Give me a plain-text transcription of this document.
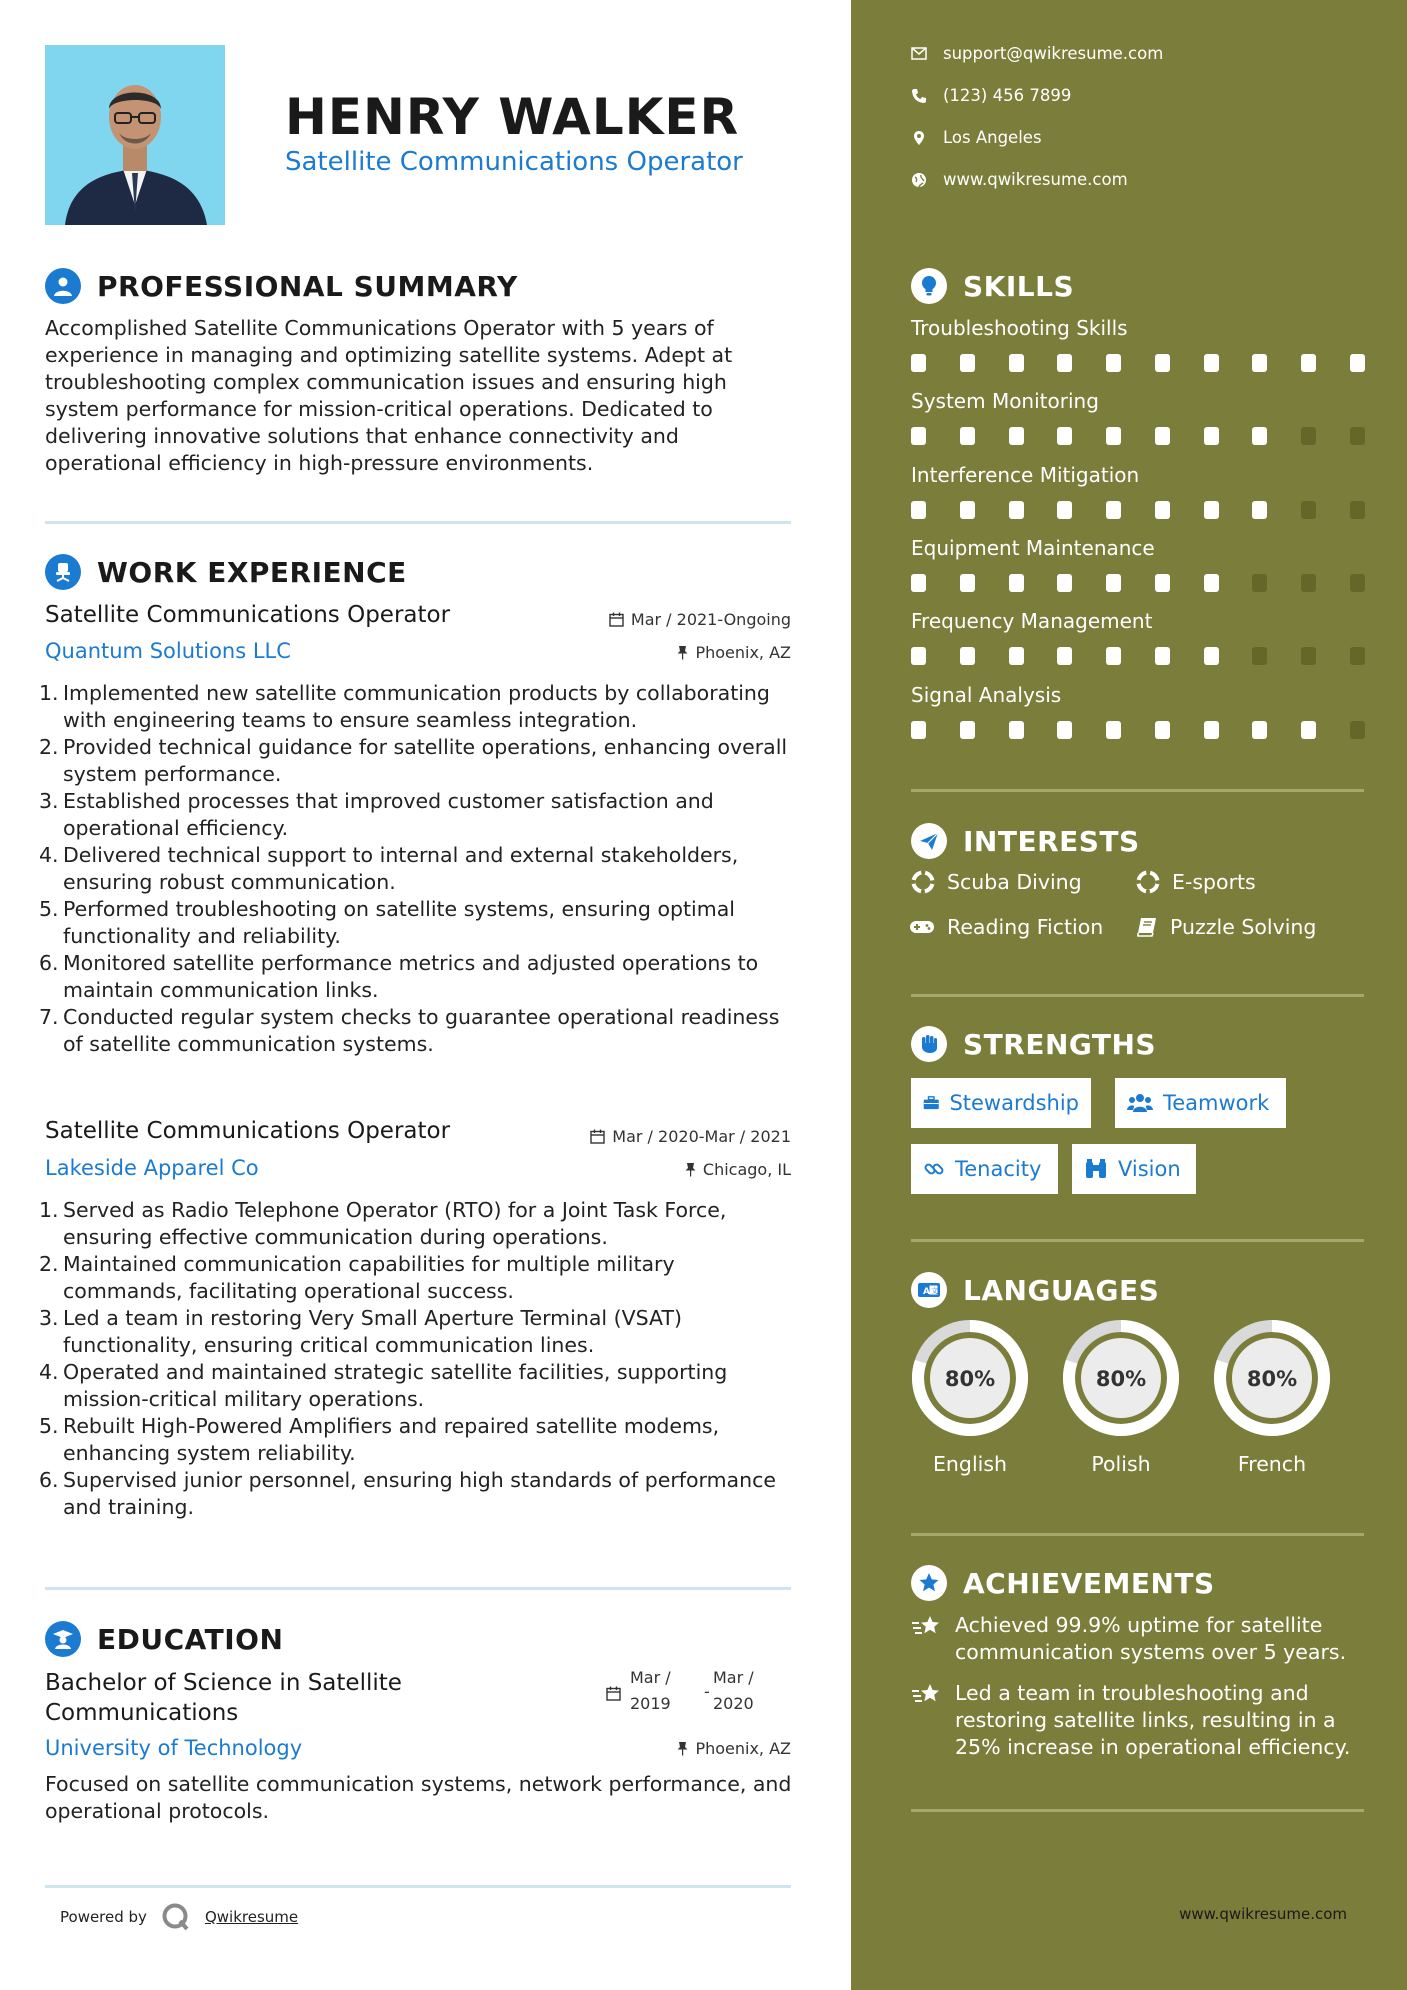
HENRY WALKER
Satellite Communications Operator
PROFESSIONAL SUMMARY
Accomplished Satellite Communications Operator with 5 years of experience in managing and optimizing satellite systems. Adept at troubleshooting complex communication issues and ensuring high system performance for mission-critical operations. Dedicated to delivering innovative solutions that enhance connectivity and operational efficiency in high-pressure environments.
WORK EXPERIENCE
Satellite Communications Operator	Mar / 2021-Ongoing
Quantum Solutions LLC	Phoenix, AZ
Implemented new satellite communication products by collaborating with engineering teams to ensure seamless integration.
Provided technical guidance for satellite operations, enhancing overall system performance.
Established processes that improved customer satisfaction and operational efficiency.
Delivered technical support to internal and external stakeholders, ensuring robust communication.
Performed troubleshooting on satellite systems, ensuring optimal functionality and reliability.
Monitored satellite performance metrics and adjusted operations to maintain communication links.
Conducted regular system checks to guarantee operational readiness of satellite communication systems.
Satellite Communications Operator	Mar / 2020-Mar / 2021
Lakeside Apparel Co	Chicago, IL
Served as Radio Telephone Operator (RTO) for a Joint Task Force, ensuring effective communication during operations.
Maintained communication capabilities for multiple military commands, facilitating operational success.
Led a team in restoring Very Small Aperture Terminal (VSAT) functionality, ensuring critical communication lines.
Operated and maintained strategic satellite facilities, supporting mission-critical military operations.
Rebuilt High-Powered Amplifiers and repaired satellite modems, enhancing system reliability.
Supervised junior personnel, ensuring high standards of performance and training.
EDUCATION
Bachelor of Science in Satellite Communications
Mar /
2019
-
Mar /
2020
University of Technology	Phoenix, AZ
Focused on satellite communication systems, network performance, and operational protocols.
Powered by	Qwikresume
support@qwikresume.com
(123) 456 7899
Los Angeles
www.qwikresume.com
SKILLS
Troubleshooting Skills
System Monitoring
Interference Mitigation
Equipment Maintenance
Frequency Management
Signal Analysis
INTERESTS
Scuba Diving	E-sports
Reading Fiction	Puzzle Solving
STRENGTHS
Stewardship	Teamwork
Tenacity	Vision
A 文 LANGUAGES
80%	80%	80%
English	Polish	French
ACHIEVEMENTS
Achieved 99.9% uptime for satellite communication systems over 5 years.
Led a team in troubleshooting and restoring satellite links, resulting in a 25% increase in operational efficiency.
www.qwikresume.com
